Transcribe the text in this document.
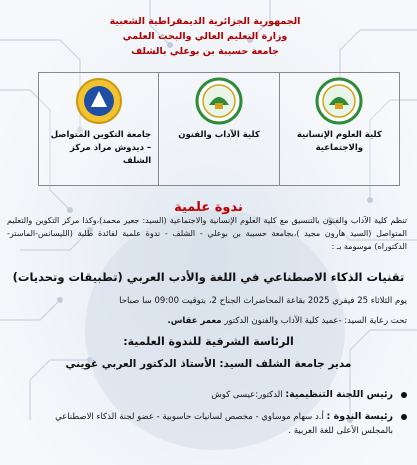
الجمهورية الجزائرية الديمقراطية الشعبية
وزارة التعليم العالي والبحث العلمي
جامعة حسيبة بن بوعلي بالشلف
كلية العلوم الإنسانية والاجتماعية
كلية الآداب والفنون
جامعة التكوين المتواصل – ديدوش مراد مركز الشلف
ندوة علمية
تنظم كلية الآداب والفنون بالتنسيق مع كلية العلوم الإنسانية والاجتماعية (السيد: جعير محمد)،وكذا مركز التكوين والتعليم المتواصل (السيد هارون مجيد )،بجامعة حسيبة بن بوعلي - الشلف - ندوة علمية لفائدة طلبة (الليسانس-الماستر- الدكتوراه) موسومة بـ :
تقنيات الذكاء الاصطناعي في اللغة والأدب العربي (تطبيقات وتحديات)
يوم الثلاثاء 25 فيفري 2025 بقاعة المحاضرات الجناح 2، بتوقيت 09:00 سا صباحا
تحت رعاية السيد: -عميد كلية الآداب والفنون الدكتور معمر عقاس.
الرئاسة الشرفية للندوة العلمية:
مدير جامعة الشلف السيد: الأستاذ الدكتور العربي غويني
رئيس اللجنة التنظيمية: الدكتور:عيسى كوش
رئيسة الندوة : أ.د سهام موساوي - مخصص لسانيات حاسوبية - عضو لجنة الذكاء الاصطناعي بالمجلس الأعلى للغة العربية .
